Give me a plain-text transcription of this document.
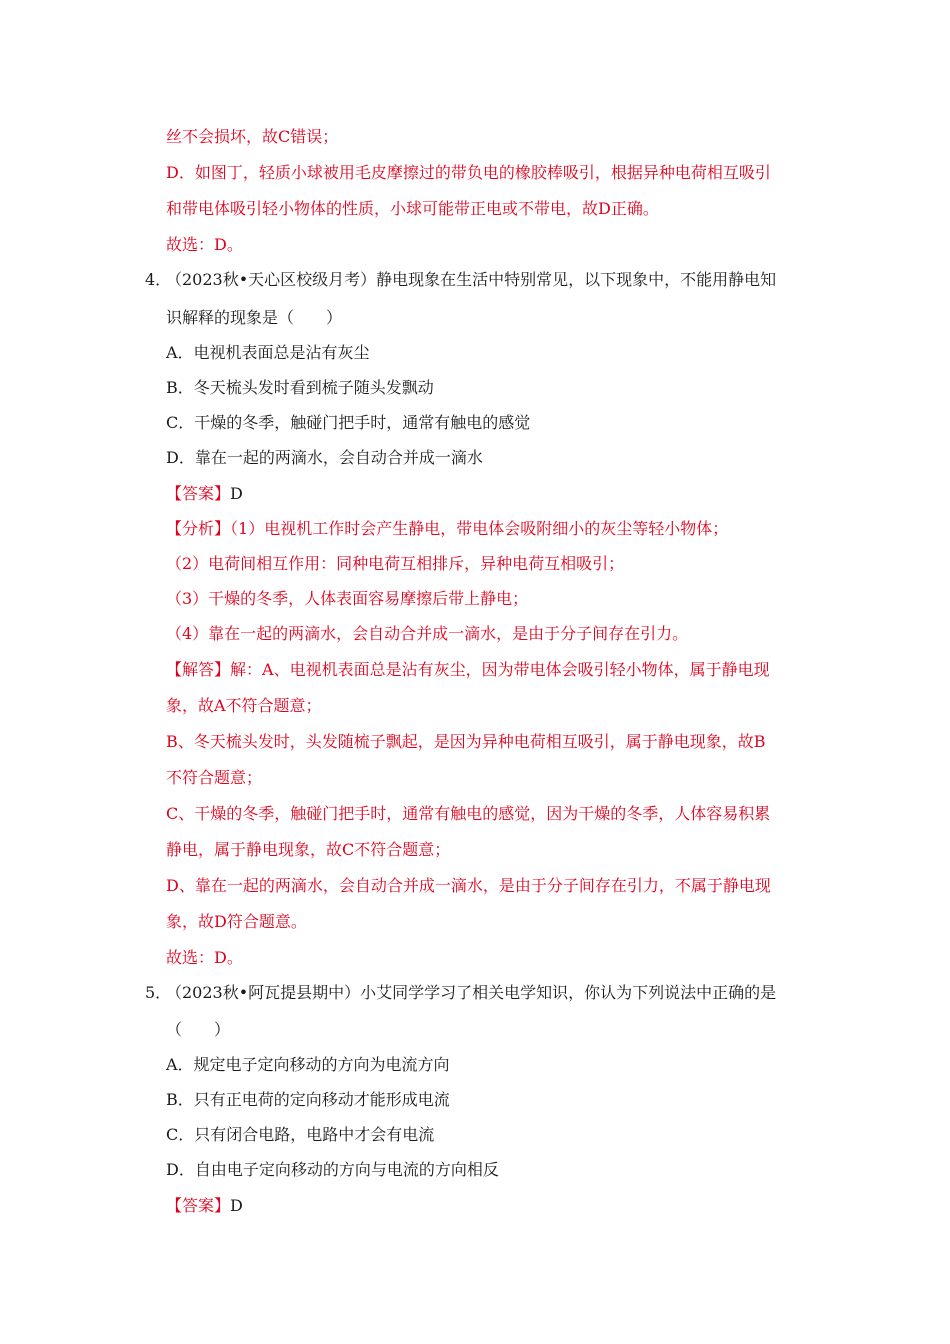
丝不会损坏，故C错误；
D．如图丁，轻质小球被用毛皮摩擦过的带负电的橡胶棒吸引，根据异种电荷相互吸引
和带电体吸引轻小物体的性质，小球可能带正电或不带电，故D正确。
故选：D。
4．
（2023秋•天心区校级月考）静电现象在生活中特别常见，以下现象中，不能用静电知
识解释的现象是（　　）
A．电视机表面总是沾有灰尘
B．冬天梳头发时看到梳子随头发飘动
C．干燥的冬季，触碰门把手时，通常有触电的感觉
D．靠在一起的两滴水，会自动合并成一滴水
【答案】D
【分析】（1）电视机工作时会产生静电，带电体会吸附细小的灰尘等轻小物体；
（2）电荷间相互作用：同种电荷互相排斥，异种电荷互相吸引；
（3）干燥的冬季，人体表面容易摩擦后带上静电；
（4）靠在一起的两滴水，会自动合并成一滴水，是由于分子间存在引力。
【解答】解：A、电视机表面总是沾有灰尘，因为带电体会吸引轻小物体，属于静电现
象，故A不符合题意；
B、冬天梳头发时，头发随梳子飘起，是因为异种电荷相互吸引，属于静电现象，故B
不符合题意；
C、干燥的冬季，触碰门把手时，通常有触电的感觉，因为干燥的冬季，人体容易积累
静电，属于静电现象，故C不符合题意；
D、靠在一起的两滴水，会自动合并成一滴水，是由于分子间存在引力，不属于静电现
象，故D符合题意。
故选：D。
5．
（2023秋•阿瓦提县期中）小艾同学学习了相关电学知识，你认为下列说法中正确的是
（　　）
A．规定电子定向移动的方向为电流方向
B．只有正电荷的定向移动才能形成电流
C．只有闭合电路，电路中才会有电流
D．自由电子定向移动的方向与电流的方向相反
【答案】D
